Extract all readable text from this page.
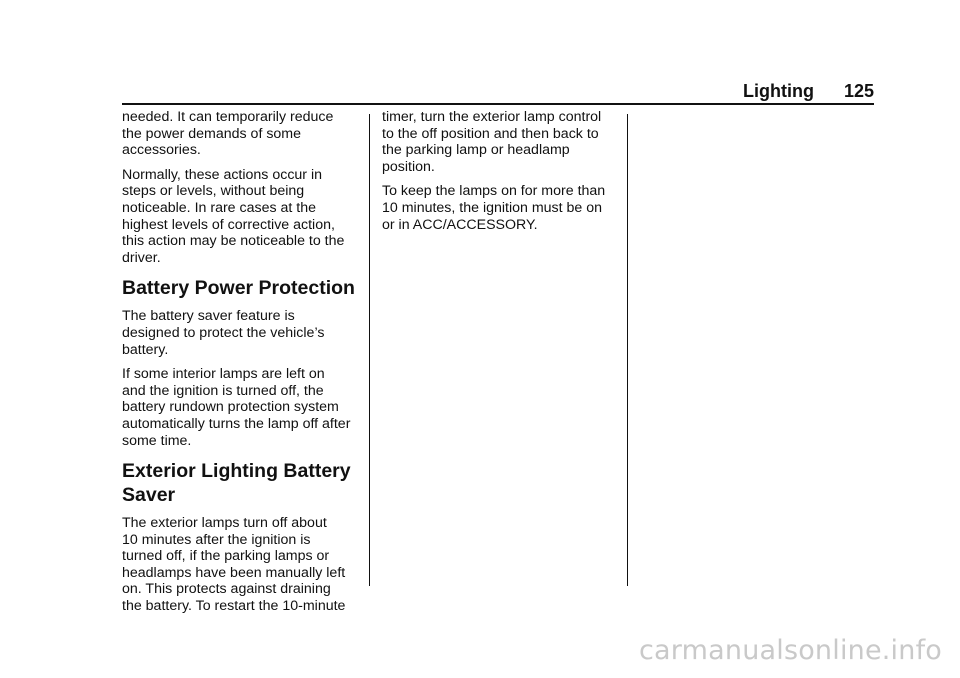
Lighting 125

needed. It can temporarily reduce
the power demands of some
accessories.

Normally, these actions occur in
steps or levels, without being
noticeable. In rare cases at the
highest levels of corrective action,
this action may be noticeable to the
driver.

Battery Power Protection

The battery saver feature is
designed to protect the vehicle’s
battery.

If some interior lamps are left on
and the ignition is turned off, the
battery rundown protection system
automatically turns the lamp off after
some time.

Exterior Lighting Battery
Saver

The exterior lamps turn off about
10 minutes after the ignition is
turned off, if the parking lamps or
headlamps have been manually left
on. This protects against draining
the battery. To restart the 10-minute

timer, turn the exterior lamp control
to the off position and then back to
the parking lamp or headlamp
position.

To keep the lamps on for more than
10 minutes, the ignition must be on
or in ACC/ACCESSORY.

carmanualsonline.info
